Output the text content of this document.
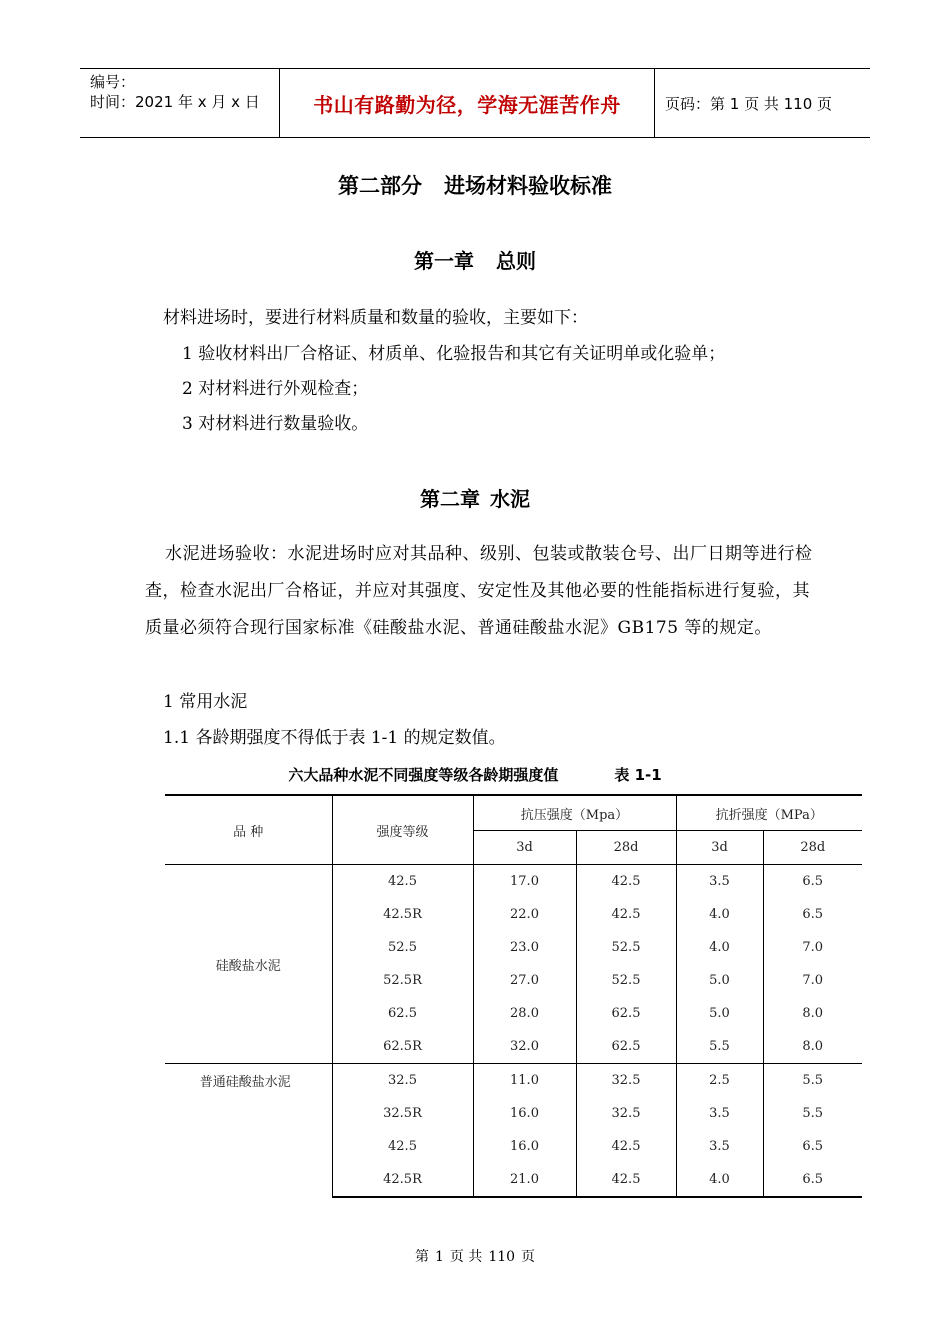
编号：
时间：2021 年 x 月 x 日	书山有路勤为径，学海无涯苦作舟	页码：第 1 页 共 110 页
第二部分 进场材料验收标准
第一章 总则
材料进场时，要进行材料质量和数量的验收，主要如下：
1 验收材料出厂合格证、材质单、化验报告和其它有关证明单或化验单；
2 对材料进行外观检查；
3 对材料进行数量验收。
第二章 水泥
水泥进场验收：水泥进场时应对其品种、级别、包装或散装仓号、出厂日期等进行检查，检查水泥出厂合格证，并应对其强度、安定性及其他必要的性能指标进行复验，其质量必须符合现行国家标准《硅酸盐水泥、普通硅酸盐水泥》GB175 等的规定。
1 常用水泥
1.1 各龄期强度不得低于表 1-1 的规定数值。
六大品种水泥不同强度等级各龄期强度值	表 1-1
品 种	强度等级	抗压强度（Mpa）		抗折强度（MPa）	
		3d	28d	3d	28d
硅酸盐水泥	42.5	17.0	42.5	3.5	6.5
	42.5R	22.0	42.5	4.0	6.5
	52.5	23.0	52.5	4.0	7.0
	52.5R	27.0	52.5	5.0	7.0
	62.5	28.0	62.5	5.0	8.0
	62.5R	32.0	62.5	5.5	8.0
普通硅酸盐水泥	32.5	11.0	32.5	2.5	5.5
	32.5R	16.0	32.5	3.5	5.5
	42.5	16.0	42.5	3.5	6.5
	42.5R	21.0	42.5	4.0	6.5
第 1 页 共 110 页
